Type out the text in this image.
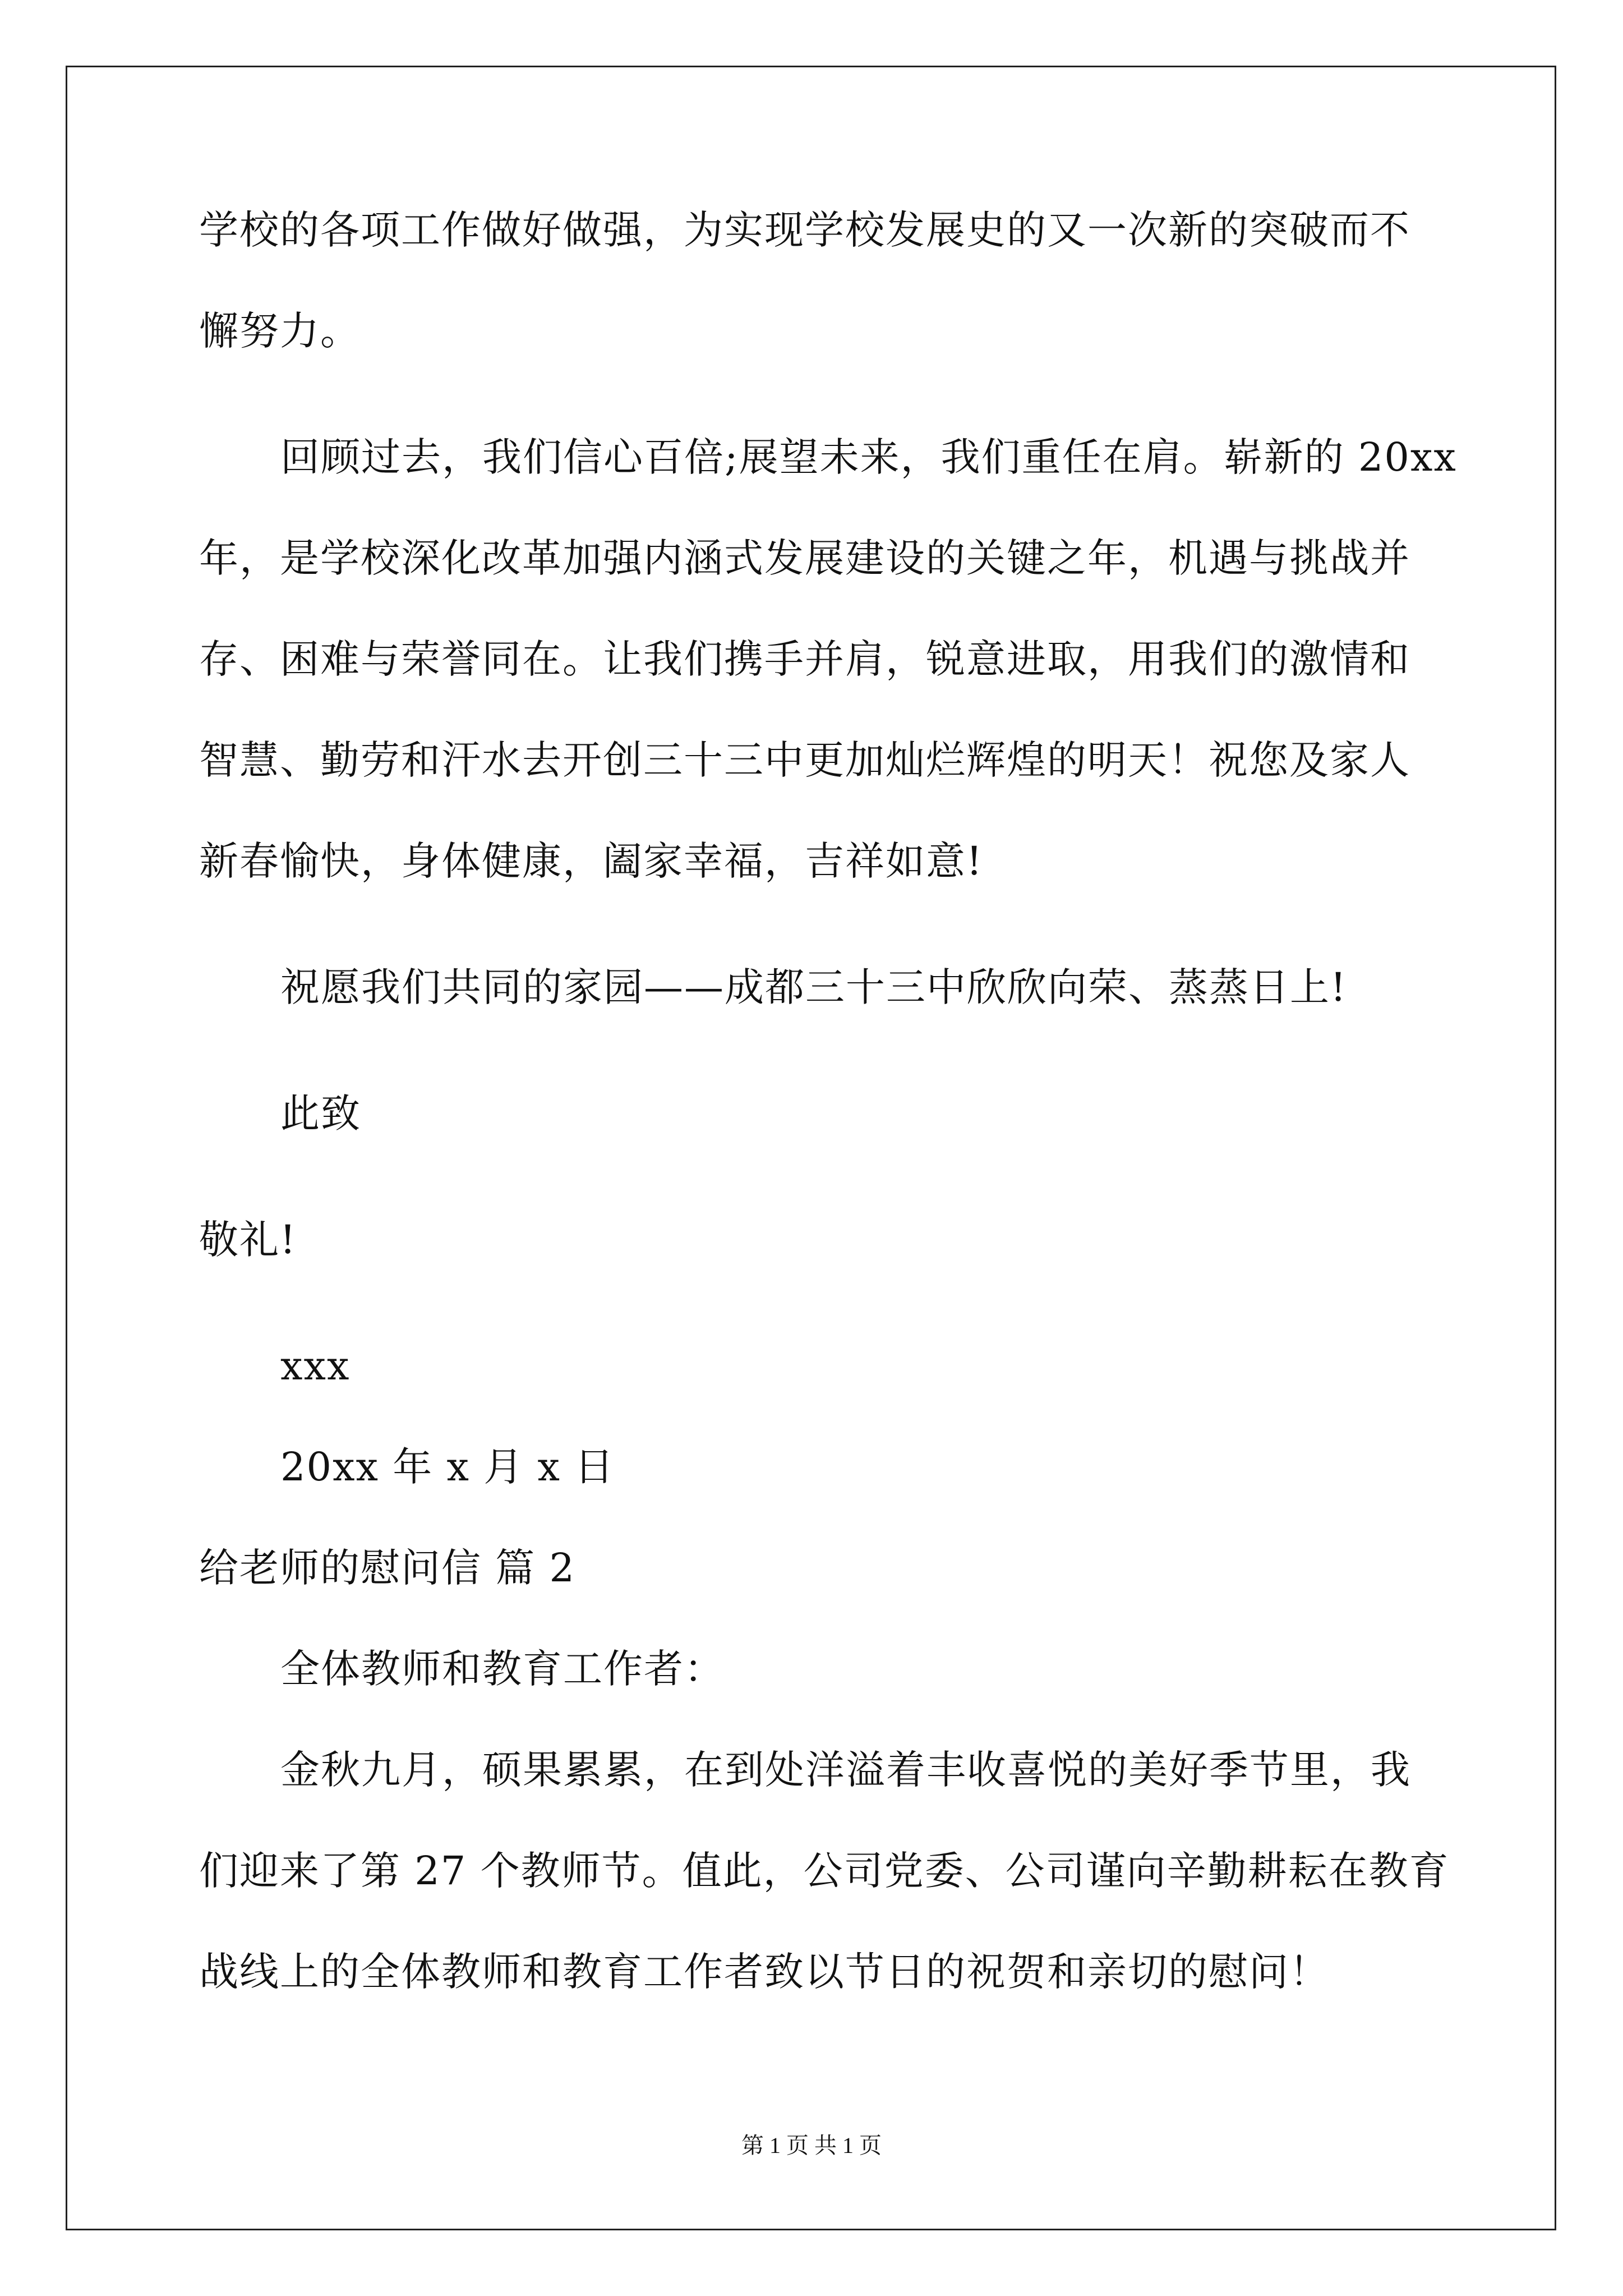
学校的各项工作做好做强，为实现学校发展史的又一次新的突破而不
懈努力。
回顾过去，我们信心百倍;展望未来，我们重任在肩。崭新的 20xx
年，是学校深化改革加强内涵式发展建设的关键之年，机遇与挑战并
存、困难与荣誉同在。让我们携手并肩，锐意进取，用我们的激情和
智慧、勤劳和汗水去开创三十三中更加灿烂辉煌的明天！祝您及家人
新春愉快，身体健康，阖家幸福，吉祥如意!
祝愿我们共同的家园——成都三十三中欣欣向荣、蒸蒸日上!
此致
敬礼!
xxx
20xx 年 x 月 x 日
给老师的慰问信 篇 2
全体教师和教育工作者：
金秋九月，硕果累累，在到处洋溢着丰收喜悦的美好季节里，我
们迎来了第 27 个教师节。值此，公司党委、公司谨向辛勤耕耘在教育
战线上的全体教师和教育工作者致以节日的祝贺和亲切的慰问！
第 1 页 共 1 页
